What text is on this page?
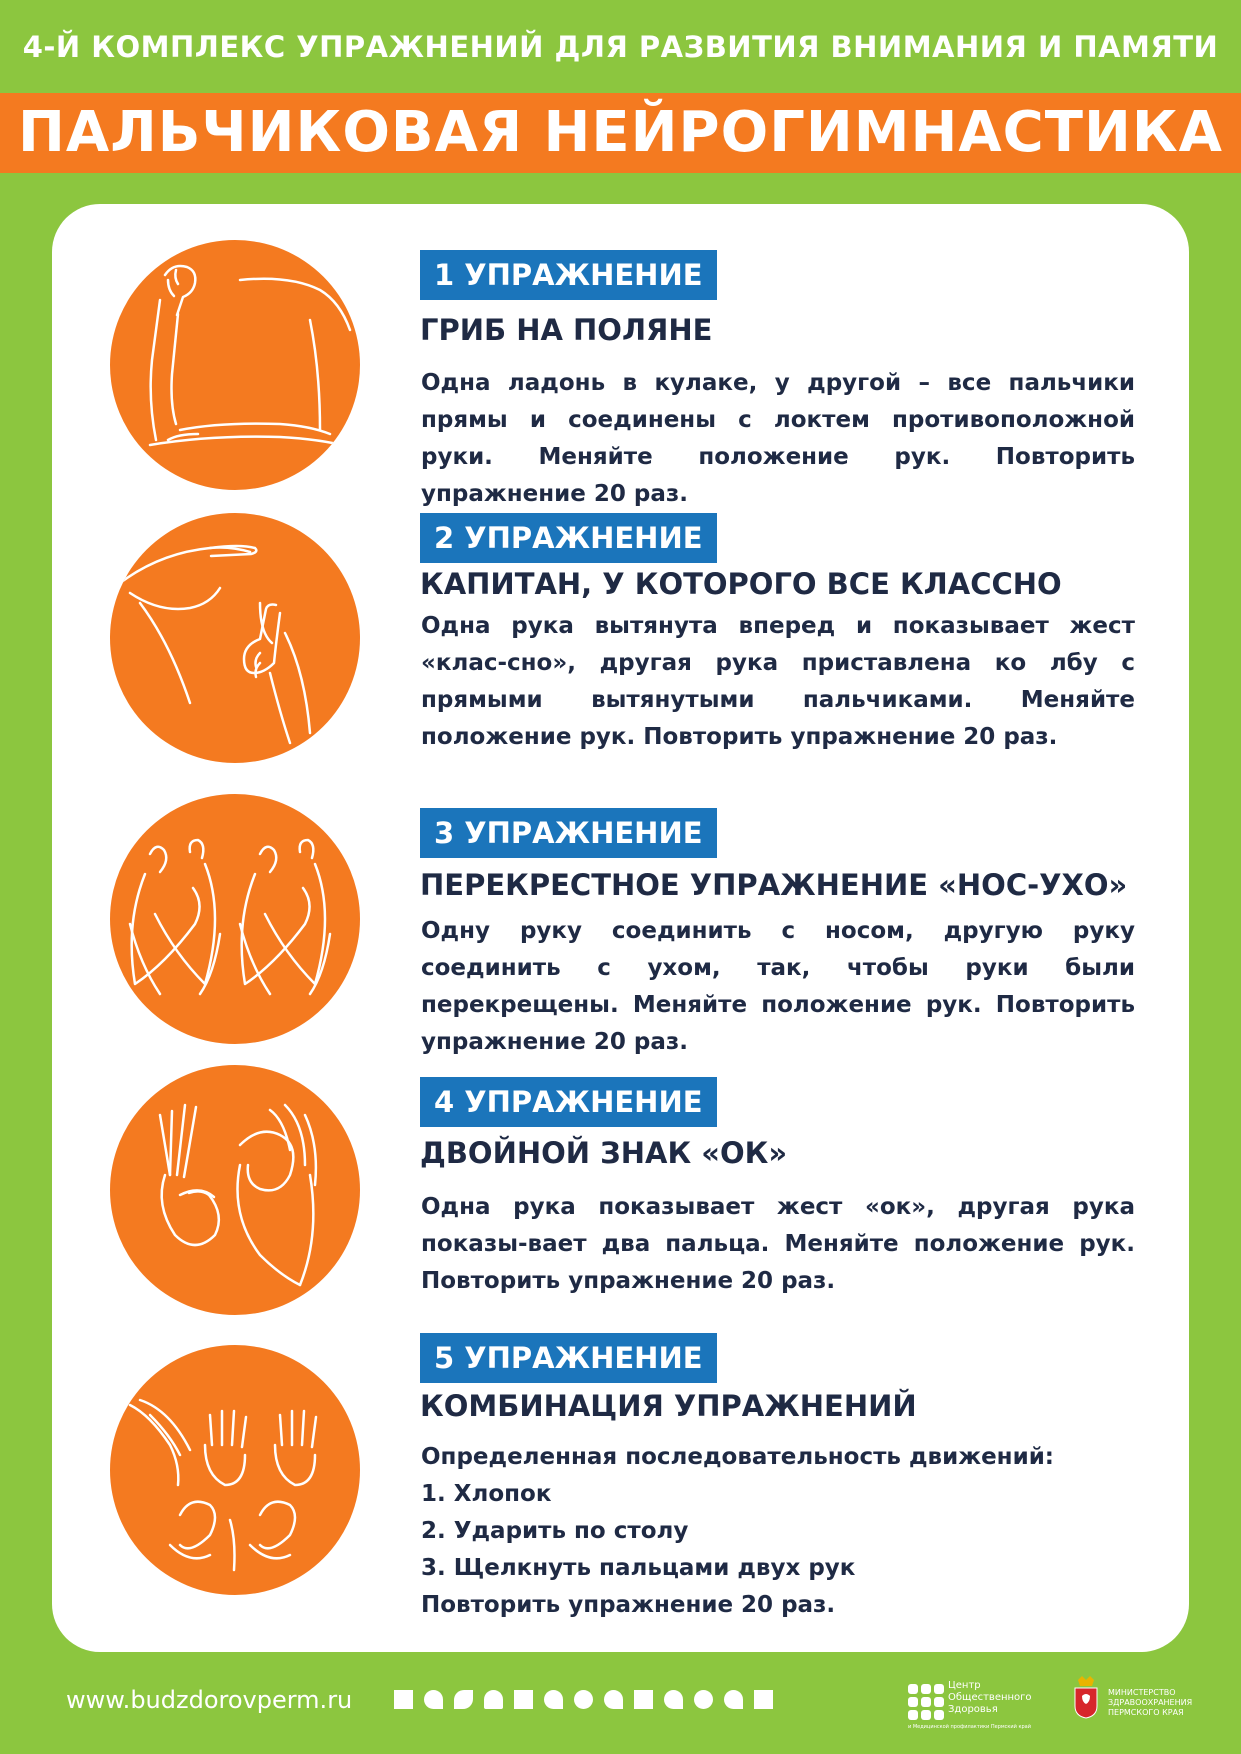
4-Й КОМПЛЕКС УПРАЖНЕНИЙ ДЛЯ РАЗВИТИЯ ВНИМАНИЯ И ПАМЯТИ
ПАЛЬЧИКОВАЯ НЕЙРОГИМНАСТИКА
1 УПРАЖНЕНИЕ
ГРИБ НА ПОЛЯНЕ
Одна ладонь в кулаке, у другой – все пальчики прямы и соединены с локтем противоположной руки. Меняйте положение рук. Повторить упражнение 20 раз.
2 УПРАЖНЕНИЕ
КАПИТАН, У КОТОРОГО ВСЕ КЛАССНО
Одна рука вытянута вперед и показывает жест «клас-сно», другая рука приставлена ко лбу с прямыми вытянутыми пальчиками. Меняйте положение рук. Повторить упражнение 20 раз.
3 УПРАЖНЕНИЕ
ПЕРЕКРЕСТНОЕ УПРАЖНЕНИЕ «НОС-УХО»
Одну руку соединить с носом, другую руку соединить с ухом, так, чтобы руки были перекрещены. Меняйте положение рук. Повторить упражнение 20 раз.
4 УПРАЖНЕНИЕ
ДВОЙНОЙ ЗНАК «ОК»
Одна рука показывает жест «ок», другая рука показы-вает два пальца. Меняйте положение рук. Повторить упражнение 20 раз.
5 УПРАЖНЕНИЕ
КОМБИНАЦИЯ УПРАЖНЕНИЙ
Определенная последовательность движений:
1. Хлопок
2. Ударить по столу
3. Щелкнуть пальцами двух рук
Повторить упражнение 20 раз.
www.budzdorovperm.ru
Центр Общественного Здоровья
и Медицинской профилактики Пермский край
МИНИСТЕРСТВО ЗДРАВООХРАНЕНИЯ ПЕРМСКОГО КРАЯ
